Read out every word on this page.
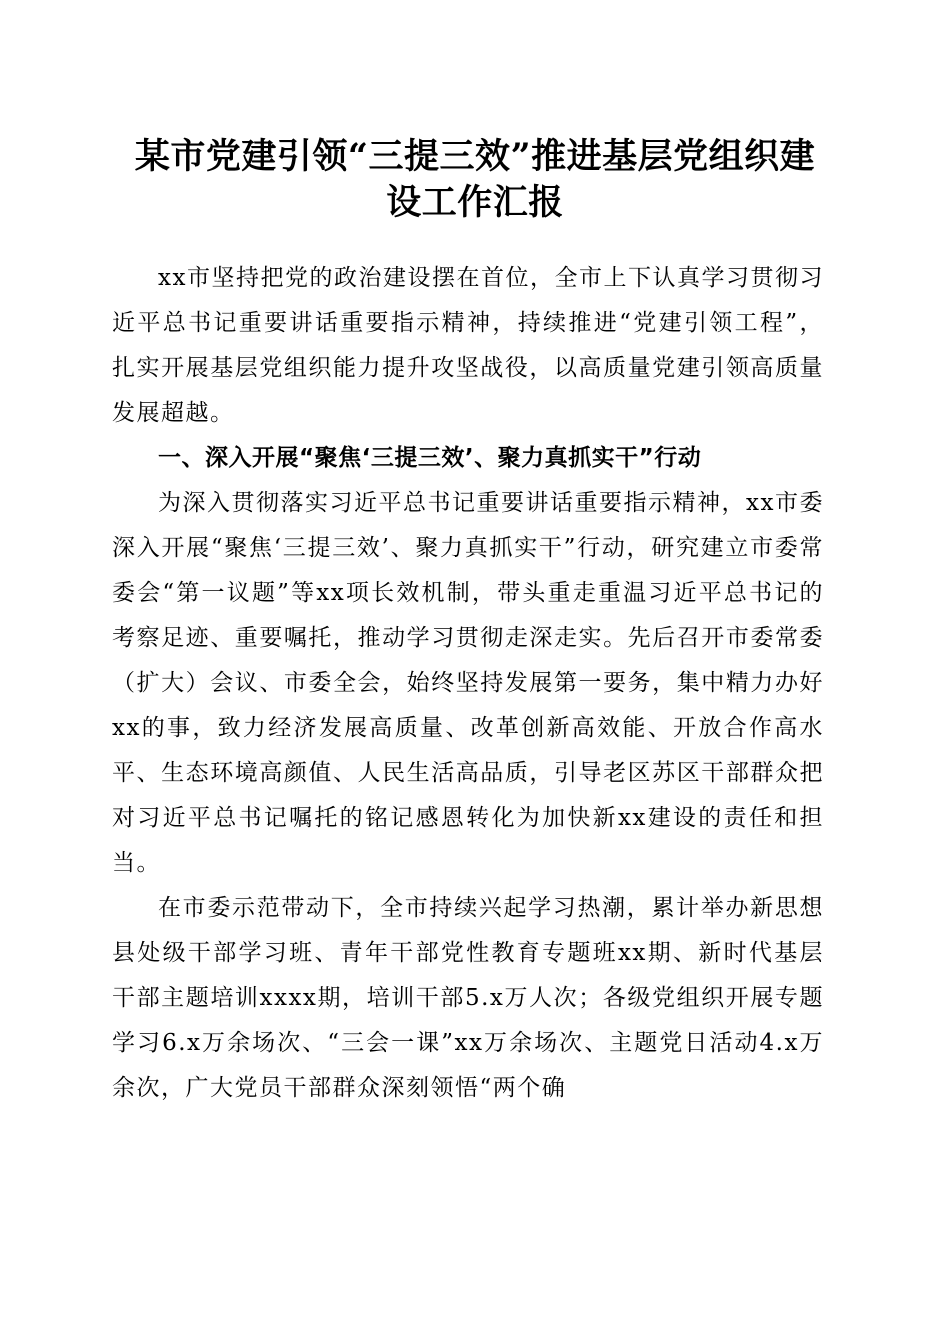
某市党建引领“三提三效”推进基层党组织建
设工作汇报

xx市坚持把党的政治建设摆在首位，全市上下认真学习贯彻习近平总书记重要讲话重要指示精神，持续推进“党建引领工程”，扎实开展基层党组织能力提升攻坚战役，以高质量党建引领高质量发展超越。

一、深入开展“聚焦‘三提三效’、聚力真抓实干”行动

为深入贯彻落实习近平总书记重要讲话重要指示精神，xx市委深入开展“聚焦‘三提三效’、聚力真抓实干”行动，研究建立市委常委会“第一议题”等xx项长效机制，带头重走重温习近平总书记的考察足迹、重要嘱托，推动学习贯彻走深走实。先后召开市委常委（扩大）会议、市委全会，始终坚持发展第一要务，集中精力办好xx的事，致力经济发展高质量、改革创新高效能、开放合作高水平、生态环境高颜值、人民生活高品质，引导老区苏区干部群众把对习近平总书记嘱托的铭记感恩转化为加快新xx建设的责任和担当。

在市委示范带动下，全市持续兴起学习热潮，累计举办新思想县处级干部学习班、青年干部党性教育专题班xx期、新时代基层干部主题培训xxxx期，培训干部5.x万人次；各级党组织开展专题学习6.x万余场次、“三会一课”xx万余场次、主题党日活动4.x万余次，广大党员干部群众深刻领悟“两个确
